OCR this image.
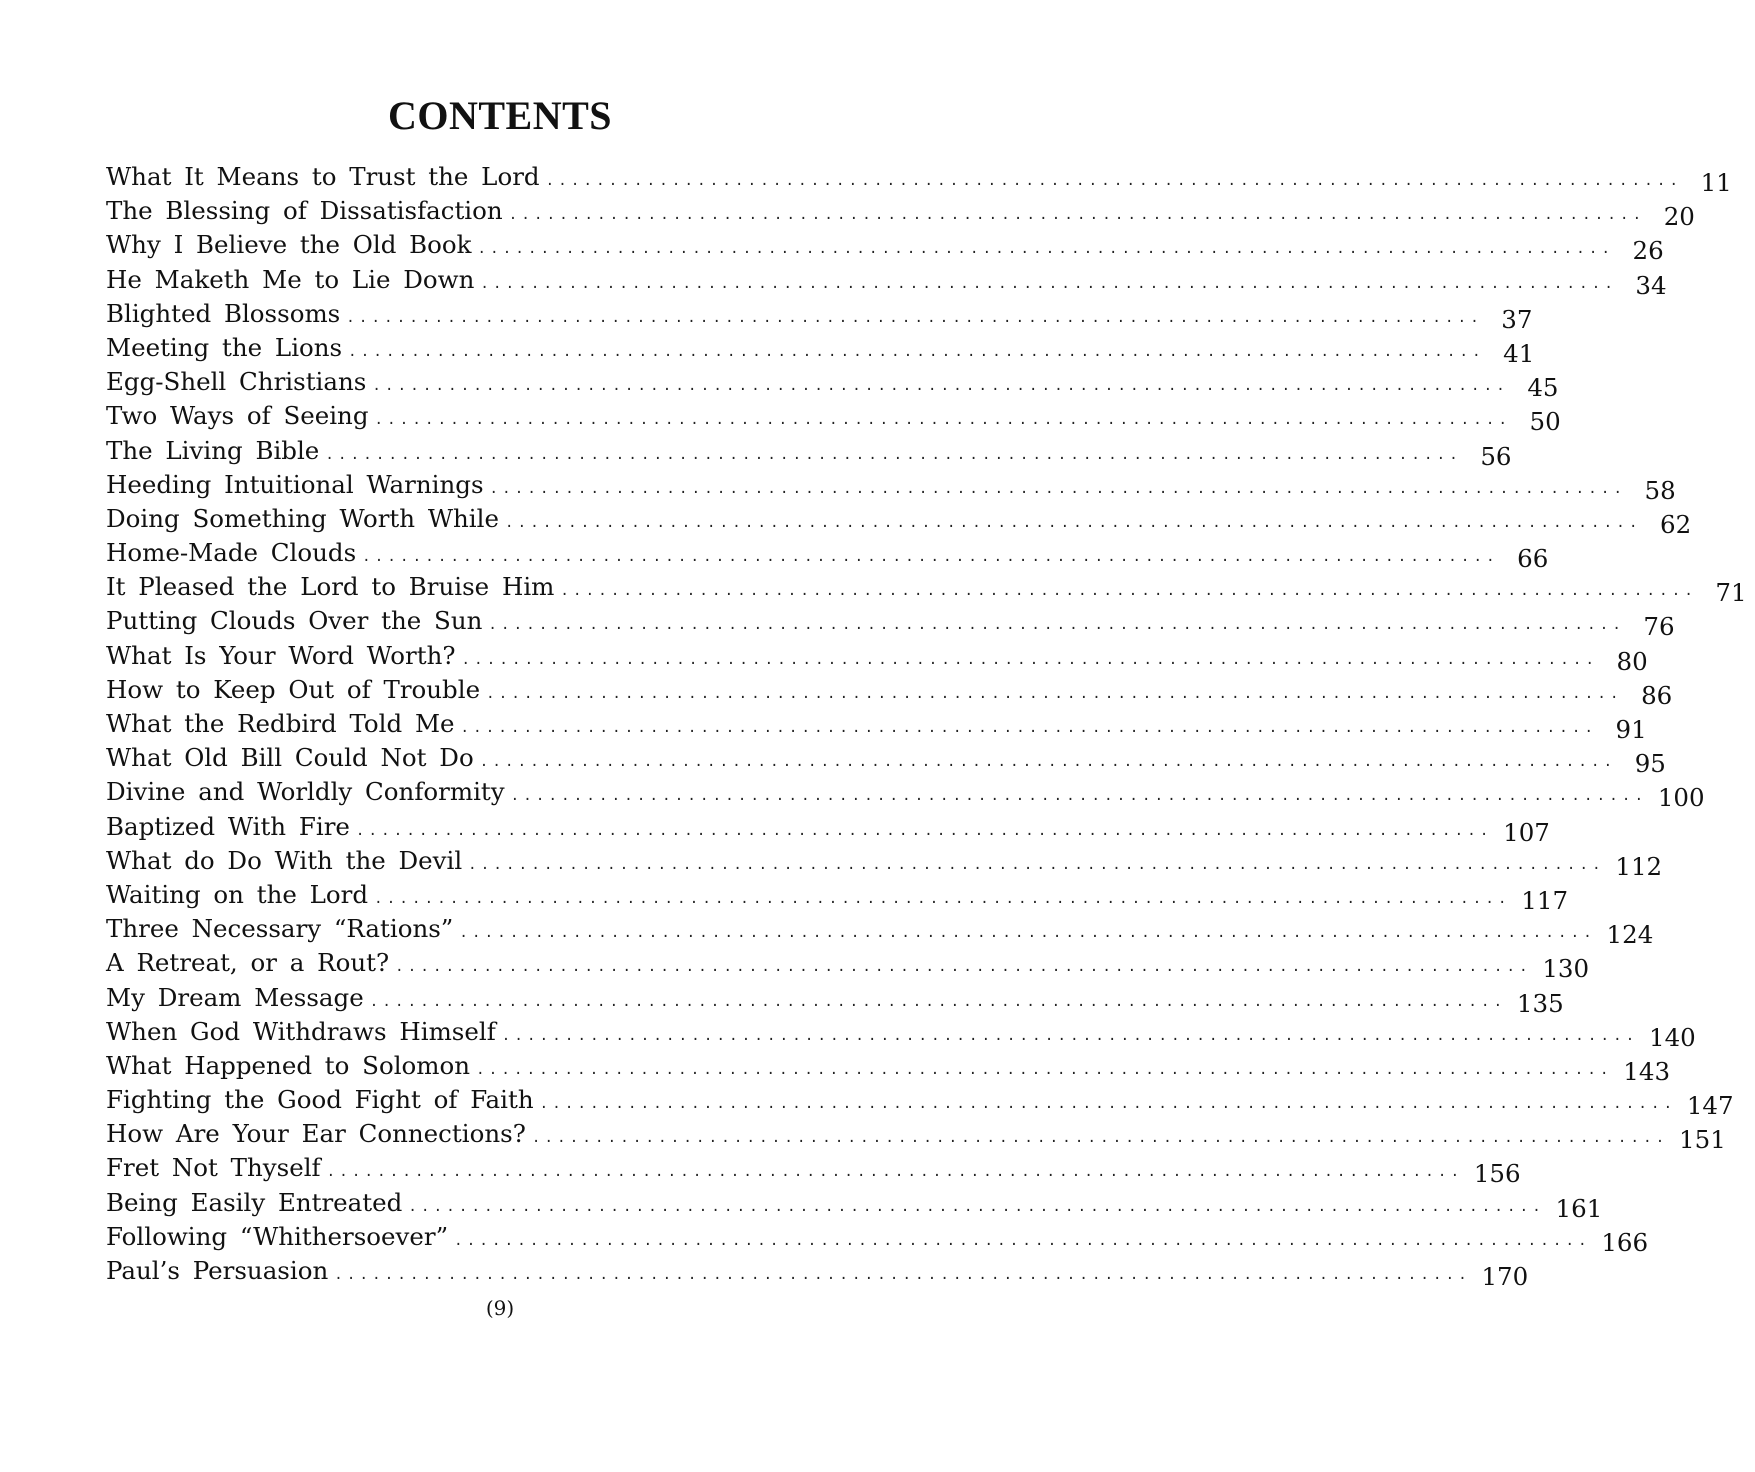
CONTENTS
What It Means to Trust the Lord .......................................................................................... 11
The Blessing of Dissatisfaction .......................................................................................... 20
Why I Believe the Old Book .......................................................................................... 26
He Maketh Me to Lie Down .......................................................................................... 34
Blighted Blossoms .......................................................................................... 37
Meeting the Lions .......................................................................................... 41
Egg-Shell Christians .......................................................................................... 45
Two Ways of Seeing .......................................................................................... 50
The Living Bible .......................................................................................... 56
Heeding Intuitional Warnings .......................................................................................... 58
Doing Something Worth While .......................................................................................... 62
Home-Made Clouds .......................................................................................... 66
It Pleased the Lord to Bruise Him .......................................................................................... 71
Putting Clouds Over the Sun .......................................................................................... 76
What Is Your Word Worth? .......................................................................................... 80
How to Keep Out of Trouble .......................................................................................... 86
What the Redbird Told Me .......................................................................................... 91
What Old Bill Could Not Do .......................................................................................... 95
Divine and Worldly Conformity .......................................................................................... 100
Baptized With Fire .......................................................................................... 107
What do Do With the Devil .......................................................................................... 112
Waiting on the Lord .......................................................................................... 117
Three Necessary “Rations” .......................................................................................... 124
A Retreat, or a Rout? .......................................................................................... 130
My Dream Message .......................................................................................... 135
When God Withdraws Himself .......................................................................................... 140
What Happened to Solomon .......................................................................................... 143
Fighting the Good Fight of Faith .......................................................................................... 147
How Are Your Ear Connections? .......................................................................................... 151
Fret Not Thyself .......................................................................................... 156
Being Easily Entreated .......................................................................................... 161
Following “Whithersoever” .......................................................................................... 166
Paul’s Persuasion .......................................................................................... 170
(9)
